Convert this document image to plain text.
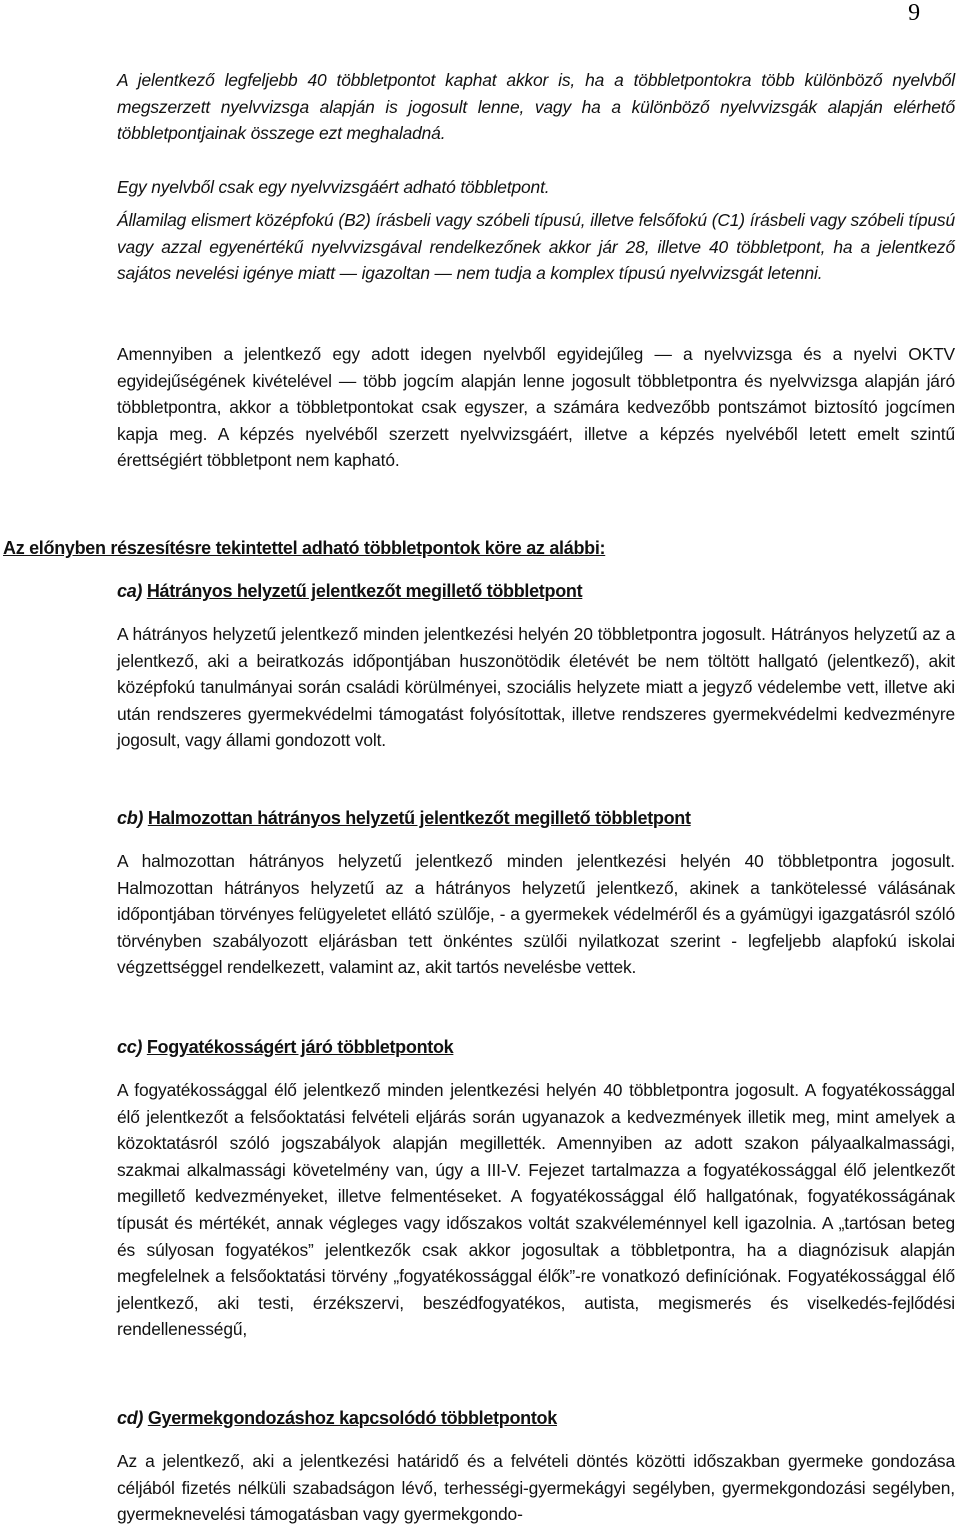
9

A jelentkező legfeljebb 40 többletpontot kaphat akkor is, ha a többletpontokra több különböző nyelvből megszerzett nyelvvizsga alapján is jogosult lenne, vagy ha a különböző nyelvvizsgák alapján elérhető többletpontjainak összege ezt meghaladná.

Egy nyelvből csak egy nyelvvizsgáért adható többletpont.

Államilag elismert középfokú (B2) írásbeli vagy szóbeli típusú, illetve felsőfokú (C1) írásbeli vagy szóbeli típusú vagy azzal egyenértékű nyelvvizsgával rendelkezőnek akkor jár 28, illetve 40 többletpont, ha a jelentkező sajátos nevelési igénye miatt — igazoltan — nem tudja a komplex típusú nyelvvizsgát letenni.

Amennyiben a jelentkező egy adott idegen nyelvből egyidejűleg — a nyelvvizsga és a nyelvi OKTV egyidejűségének kivételével — több jogcím alapján lenne jogosult többletpontra és nyelvvizsga alapján járó többletpontra, akkor a többletpontokat csak egyszer, a számára kedvezőbb pontszámot biztosító jogcímen kapja meg. A képzés nyelvéből szerzett nyelvvizsgáért, illetve a képzés nyelvéből letett emelt szintű érettségiért többletpont nem kapható.

Az előnyben részesítésre tekintettel adható többletpontok köre az alábbi:
ca) Hátrányos helyzetű jelentkezőt megillető többletpont

A hátrányos helyzetű jelentkező minden jelentkezési helyén 20 többletpontra jogosult. Hátrányos helyzetű az a jelentkező, aki a beiratkozás időpontjában huszonötödik életévét be nem töltött hallgató (jelentkező), akit középfokú tanulmányai során családi körülményei, szociális helyzete miatt a jegyző védelembe vett, illetve aki után rendszeres gyermekvédelmi támogatást folyósítottak, illetve rendszeres gyermekvédelmi kedvezményre jogosult, vagy állami gondozott volt.

cb) Halmozottan hátrányos helyzetű jelentkezőt megillető többletpont

A halmozottan hátrányos helyzetű jelentkező minden jelentkezési helyén 40 többletpontra jogosult. Halmozottan hátrányos helyzetű az a hátrányos helyzetű jelentkező, akinek a tankötelessé válásának időpontjában törvényes felügyeletet ellátó szülője, - a gyermekek védelméről és a gyámügyi igazgatásról szóló törvényben szabályozott eljárásban tett önkéntes szülői nyilatkozat szerint - legfeljebb alapfokú iskolai végzettséggel rendelkezett, valamint az, akit tartós nevelésbe vettek.

cc) Fogyatékosságért járó többletpontok

A fogyatékossággal élő jelentkező minden jelentkezési helyén 40 többletpontra jogosult. A fogyatékossággal élő jelentkezőt a felsőoktatási felvételi eljárás során ugyanazok a kedvezmények illetik meg, mint amelyek a közoktatásról szóló jogszabályok alapján megillették. Amennyiben az adott szakon pályaalkalmassági, szakmai alkalmassági követelmény van, úgy a III-V. Fejezet tartalmazza a fogyatékossággal élő jelentkezőt megillető kedvezményeket, illetve felmentéseket. A fogyatékossággal élő hallgatónak, fogyatékosságának típusát és mértékét, annak végleges vagy időszakos voltát szakvéleménnyel kell igazolnia. A „tartósan beteg és súlyosan fogyatékos” jelentkezők csak akkor jogosultak a többletpontra, ha a diagnózisuk alapján megfelelnek a felsőoktatási törvény „fogyatékossággal élők”-re vonatkozó definíciónak. Fogyatékossággal élő jelentkező, aki testi, érzékszervi, beszédfogyatékos, autista, megismerés és viselkedés-fejlődési rendellenességű,

cd) Gyermekgondozáshoz kapcsolódó többletpontok

Az a jelentkező, aki a jelentkezési határidő és a felvételi döntés közötti időszakban gyermeke gondozása céljából fizetés nélküli szabadságon lévő, terhességi-gyermekágyi segélyben, gyermekgondozási segélyben, gyermeknevelési támogatásban vagy gyermekgondo-
